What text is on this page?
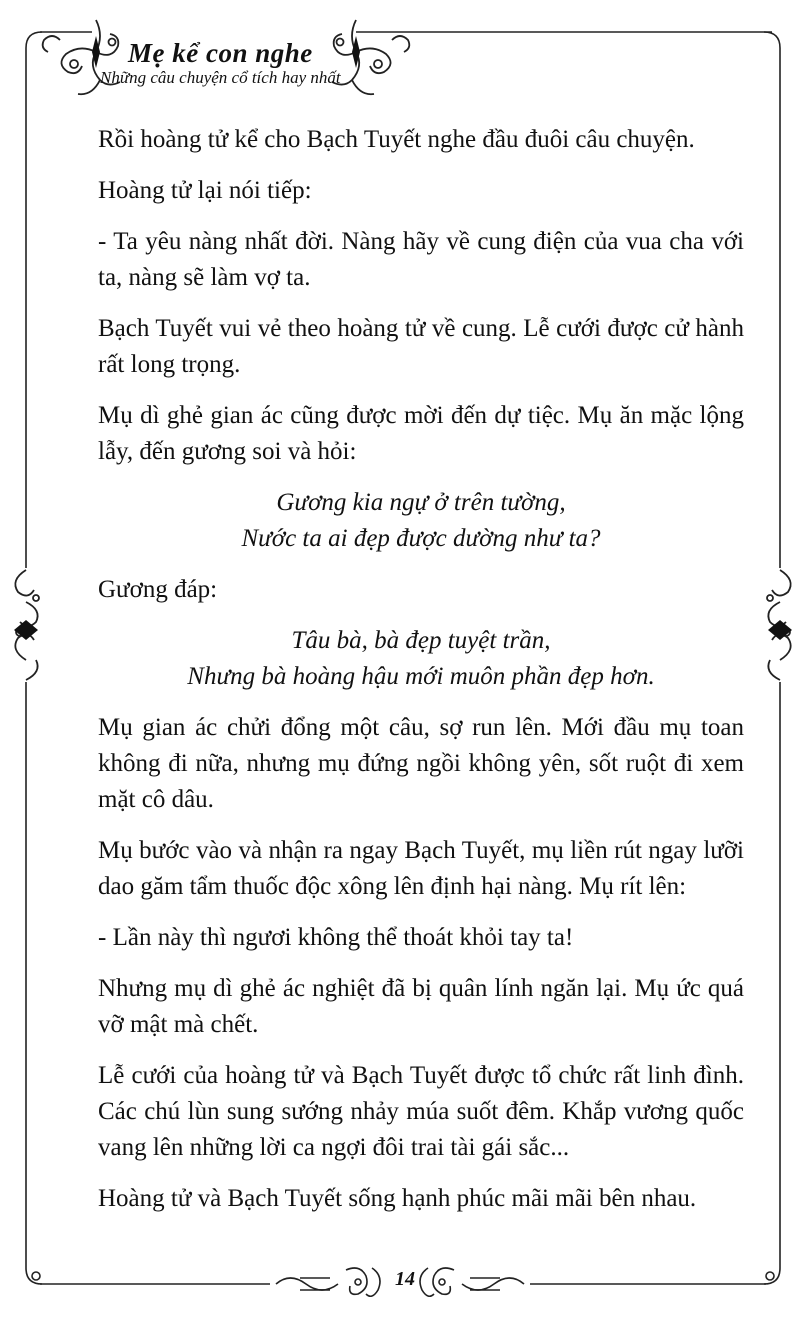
Mẹ kể con nghe
Những câu chuyện cổ tích hay nhất

Rồi hoàng tử kể cho Bạch Tuyết nghe đầu đuôi câu chuyện.

Hoàng tử lại nói tiếp:

- Ta yêu nàng nhất đời. Nàng hãy về cung điện của vua cha với ta, nàng sẽ làm vợ ta.

Bạch Tuyết vui vẻ theo hoàng tử về cung. Lễ cưới được cử hành rất long trọng.

Mụ dì ghẻ gian ác cũng được mời đến dự tiệc. Mụ ăn mặc lộng lẫy, đến gương soi và hỏi:

Gương kia ngự ở trên tường,
Nước ta ai đẹp được dường như ta?

Gương đáp:

Tâu bà, bà đẹp tuyệt trần,
Nhưng bà hoàng hậu mới muôn phần đẹp hơn.

Mụ gian ác chửi đổng một câu, sợ run lên. Mới đầu mụ toan không đi nữa, nhưng mụ đứng ngồi không yên, sốt ruột đi xem mặt cô dâu.

Mụ bước vào và nhận ra ngay Bạch Tuyết, mụ liền rút ngay lưỡi dao găm tẩm thuốc độc xông lên định hại nàng. Mụ rít lên:

- Lần này thì ngươi không thể thoát khỏi tay ta!

Nhưng mụ dì ghẻ ác nghiệt đã bị quân lính ngăn lại. Mụ ức quá vỡ mật mà chết.

Lễ cưới của hoàng tử và Bạch Tuyết được tổ chức rất linh đình. Các chú lùn sung sướng nhảy múa suốt đêm. Khắp vương quốc vang lên những lời ca ngợi đôi trai tài gái sắc...

Hoàng tử và Bạch Tuyết sống hạnh phúc mãi mãi bên nhau.

14
